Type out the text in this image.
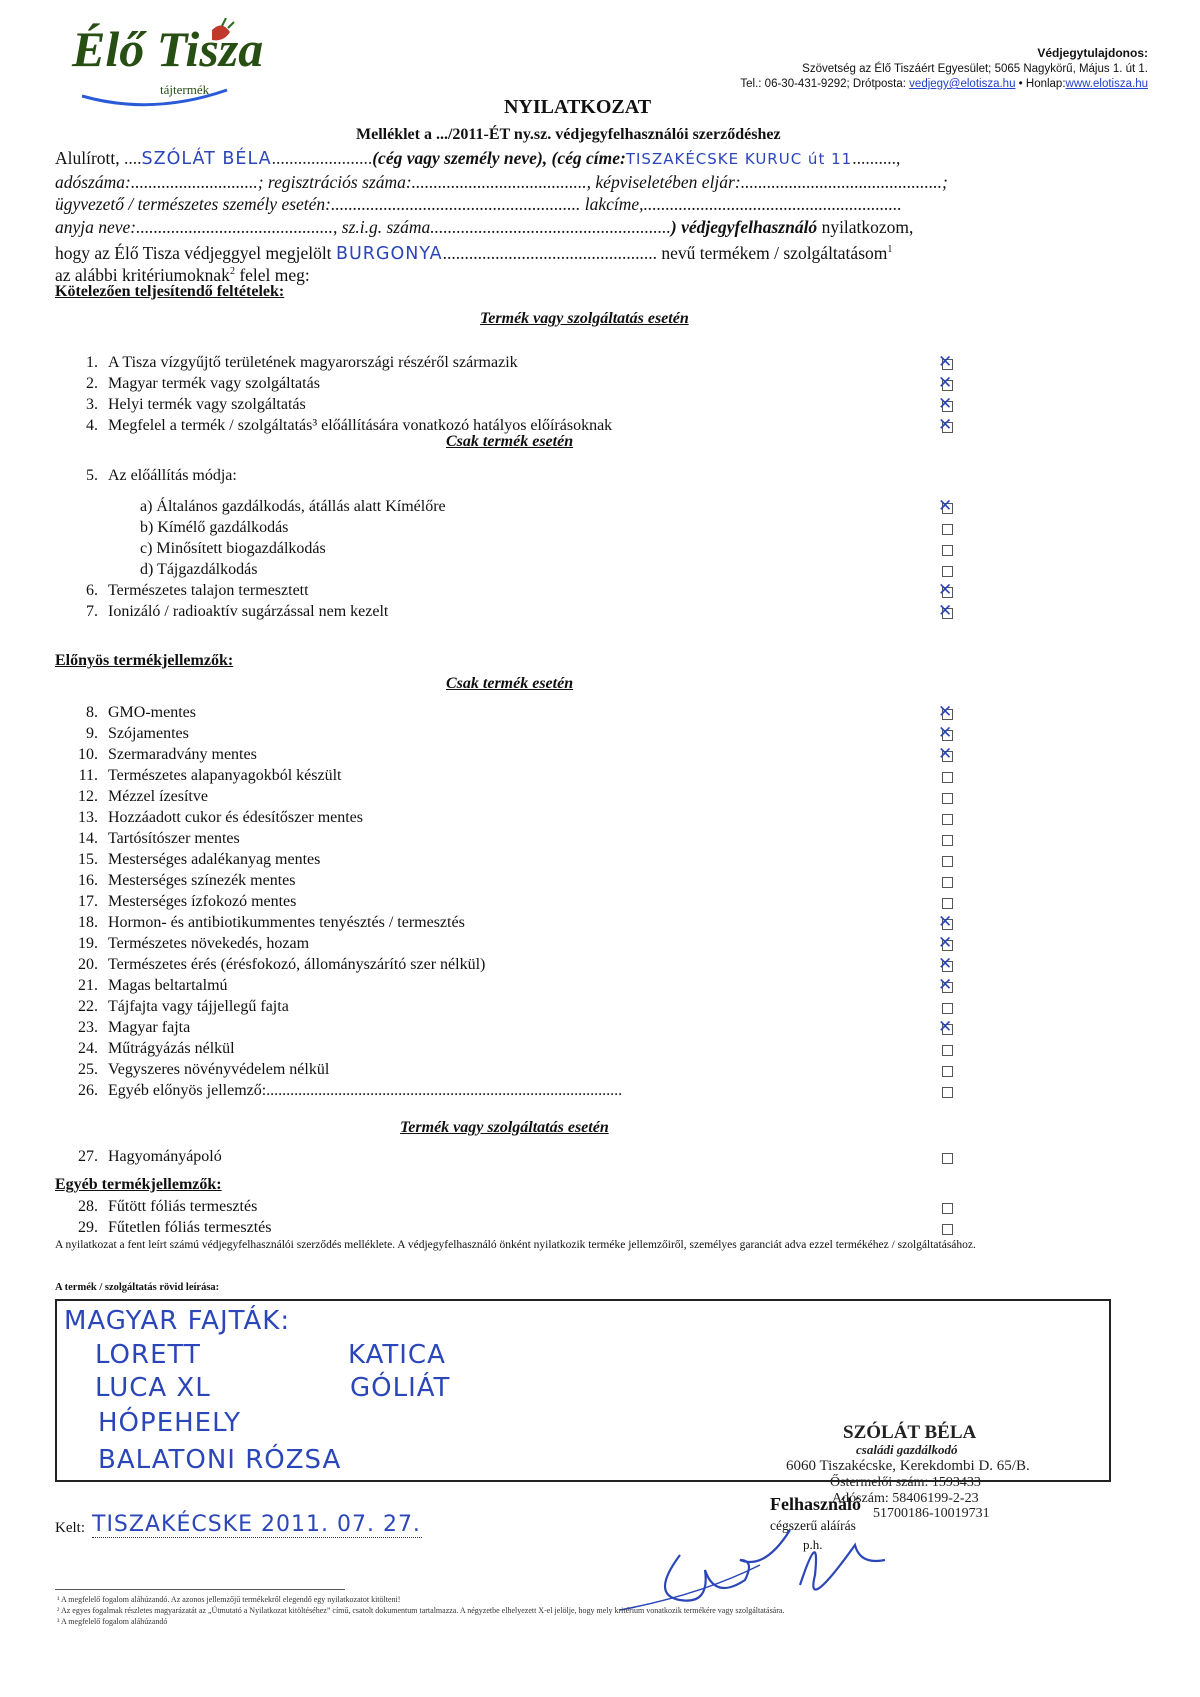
Élő Tisza
tájtermék
Védjegytulajdonos:
Szövetség az Élő Tiszáért Egyesület; 5065 Nagykörű, Május 1. út 1.
Tel.: 06-30-431-9292; Drótposta: vedjegy@elotisza.hu • Honlap:www.elotisza.hu
NYILATKOZAT
Melléklet a .../2011-ÉT ny.sz. védjegyfelhasználói szerződéshez
Alulírott, ....SZÓLÁT BÉLA.......................(cég vagy személy neve), (cég címe:TISZAKÉCSKE KURUC út 11..........,
adószáma:.............................; regisztrációs száma:........................................, képviseletében eljár:..............................................;
ügyvezető / természetes személy esetén:......................................................... lakcíme,...........................................................
anyja neve:............................................., sz.i.g. száma.......................................................) védjegyfelhasználó nyilatkozom,
hogy az Élő Tisza védjeggyel megjelölt BURGONYA................................................. nevű termékem / szolgáltatásom$^1$
az alábbi kritériumoknak$^2$ felel meg:
Kötelezően teljesítendő feltételek:
Termék vagy szolgáltatás esetén
1. A Tisza vízgyűjtő területének magyarországi részéről származik	✕
2. Magyar termék vagy szolgáltatás	✕
3. Helyi termék vagy szolgáltatás	✕
4. Megfelel a termék / szolgáltatás³ előállítására vonatkozó hatályos előírásoknak	✕
Csak termék esetén
5. Az előállítás módja:
a) Általános gazdálkodás, átállás alatt Kímélőre	✕
b) Kímélő gazdálkodás
c) Minősített biogazdálkodás
d) Tájgazdálkodás
6. Természetes talajon termesztett	✕
7. Ionizáló / radioaktív sugárzással nem kezelt	✕
Előnyös termékjellemzők:
Csak termék esetén
8. GMO-mentes	✕
9. Szójamentes	✕
10. Szermaradvány mentes	✕
11. Természetes alapanyagokból készült
12. Mézzel ízesítve
13. Hozzáadott cukor és édesítőszer mentes
14. Tartósítószer mentes
15. Mesterséges adalékanyag mentes
16. Mesterséges színezék mentes
17. Mesterséges ízfokozó mentes
18. Hormon- és antibiotikummentes tenyésztés / termesztés	✕
19. Természetes növekedés, hozam	✕
20. Természetes érés (érésfokozó, állományszárító szer nélkül)	✕
21. Magas beltartalmú	✕
22. Tájfajta vagy tájjellegű fajta
23. Magyar fajta	✕
24. Műtrágyázás nélkül
25. Vegyszeres növényvédelem nélkül
26. Egyéb előnyös jellemző:.........................................................................................
Termék vagy szolgáltatás esetén
27. Hagyományápoló
Egyéb termékjellemzők:
28. Fűtött fóliás termesztés
29. Fűtetlen fóliás termesztés
A nyilatkozat a fent leírt számú védjegyfelhasználói szerződés melléklete. A védjegyfelhasználó önként nyilatkozik terméke jellemzőiről, személyes garanciát adva ezzel termékéhez / szolgáltatásához.
A termék / szolgáltatás rövid leírása:
MAGYAR FAJTÁK:
LORETT	KATICA
LUCA XL	GÓLIÁT
HÓPEHELY
BALATONI RÓZSA
SZÓLÁT BÉLA
családi gazdálkodó
6060 Tiszakécske, Kerekdombi D. 65/B.
Őstermelői szám: 1593433
Adószám: 58406199-2-23
51700186-10019731
Kelt: TISZAKÉCSKE 2011. 07. 27.
Felhasználó
cégszerű aláírás
p.h.
¹ A megfelelő fogalom aláhúzandó. Az azonos jellemzőjű termékekről elegendő egy nyilatkozatot kitölteni!
² Az egyes fogalmak részletes magyarázatát az „Útmutató a Nyilatkozat kitöltéséhez” című, csatolt dokumentum tartalmazza. A négyzetbe elhelyezett X-el jelölje, hogy mely kritérium vonatkozik termékére vagy szolgáltatására.
³ A megfelelő fogalom aláhúzandó
